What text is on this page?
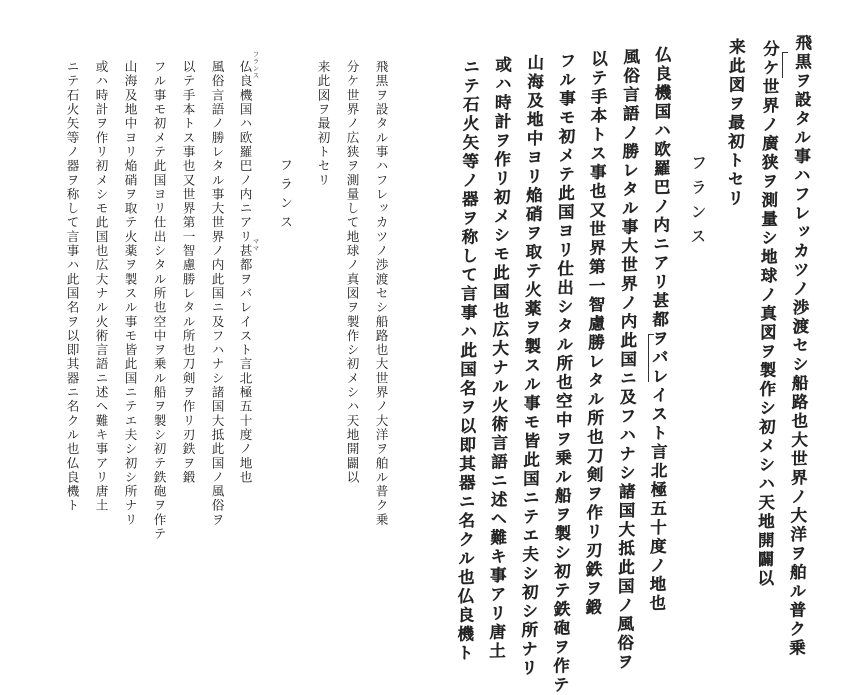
飛黒ヲ設タル事ハフレッカツノ渉渡セシ船路也大世界ノ大洋ヲ舶ル普ク乗
分ケ世界ノ広狭ヲ測量して地球ノ真図ヲ製作シ初メシハ天地開闢以
来此図ヲ最初トセリ
フランス
仏良機国ハ欧羅巴ノ内ニアリ甚都ヲバレイスト言北極五十度ノ地也
風俗言語ノ勝レタル事大世界ノ内此国ニ及フハナシ諸国大抵此国ノ風俗ヲ
以テ手本トス事也又世界第一智慮勝レタル所也刀剣ヲ作リ刃鉄ヲ鍛
フル事モ初メテ此国ヨリ仕出シタル所也空中ヲ乗ル船ヲ製シ初テ鉄砲ヲ作テ
山海及地中ヨリ焔硝ヲ取テ火薬ヲ製スル事モ皆此国ニテエ夫シ初シ所ナリ
或ハ時計ヲ作リ初メシモ此国也広大ナル火術言語ニ述ヘ難キ事アリ唐土
ニテ石火矢等ノ器ヲ称して言事ハ此国名ヲ以即其器ニ名クル也仏良機ト	フランス
ママ	飛黒ヲ設タル事ハフレッカツノ渉渡セシ船路也大世界ノ大洋ヲ舶ル普ク乗
分ケ世界ノ廣狭ヲ測量シ地球ノ真図ヲ製作シ初メシハ天地開闢以
来此図ヲ最初トセリ
フランス
仏良機国ハ欧羅巴ノ内ニアリ甚都ヲバレイスト言北極五十度ノ地也
風俗言語ノ勝レタル事大世界ノ内此国ニ及フハナシ諸国大抵此国ノ風俗ヲ
以テ手本トス事也又世界第一智慮勝レタル所也刀剣ヲ作リ刃鉄ヲ鍛
フル事モ初メテ此国ヨリ仕出シタル所也空中ヲ乗ル船ヲ製シ初テ鉄砲ヲ作テ
山海及地中ヨリ焔硝ヲ取テ火薬ヲ製スル事モ皆此国ニテエ夫シ初シ所ナリ
或ハ時計ヲ作リ初メシモ此国也広大ナル火術言語ニ述ヘ難キ事アリ唐土
ニテ石火矢等ノ器ヲ称して言事ハ此国名ヲ以即其器ニ名クル也仏良機ト
